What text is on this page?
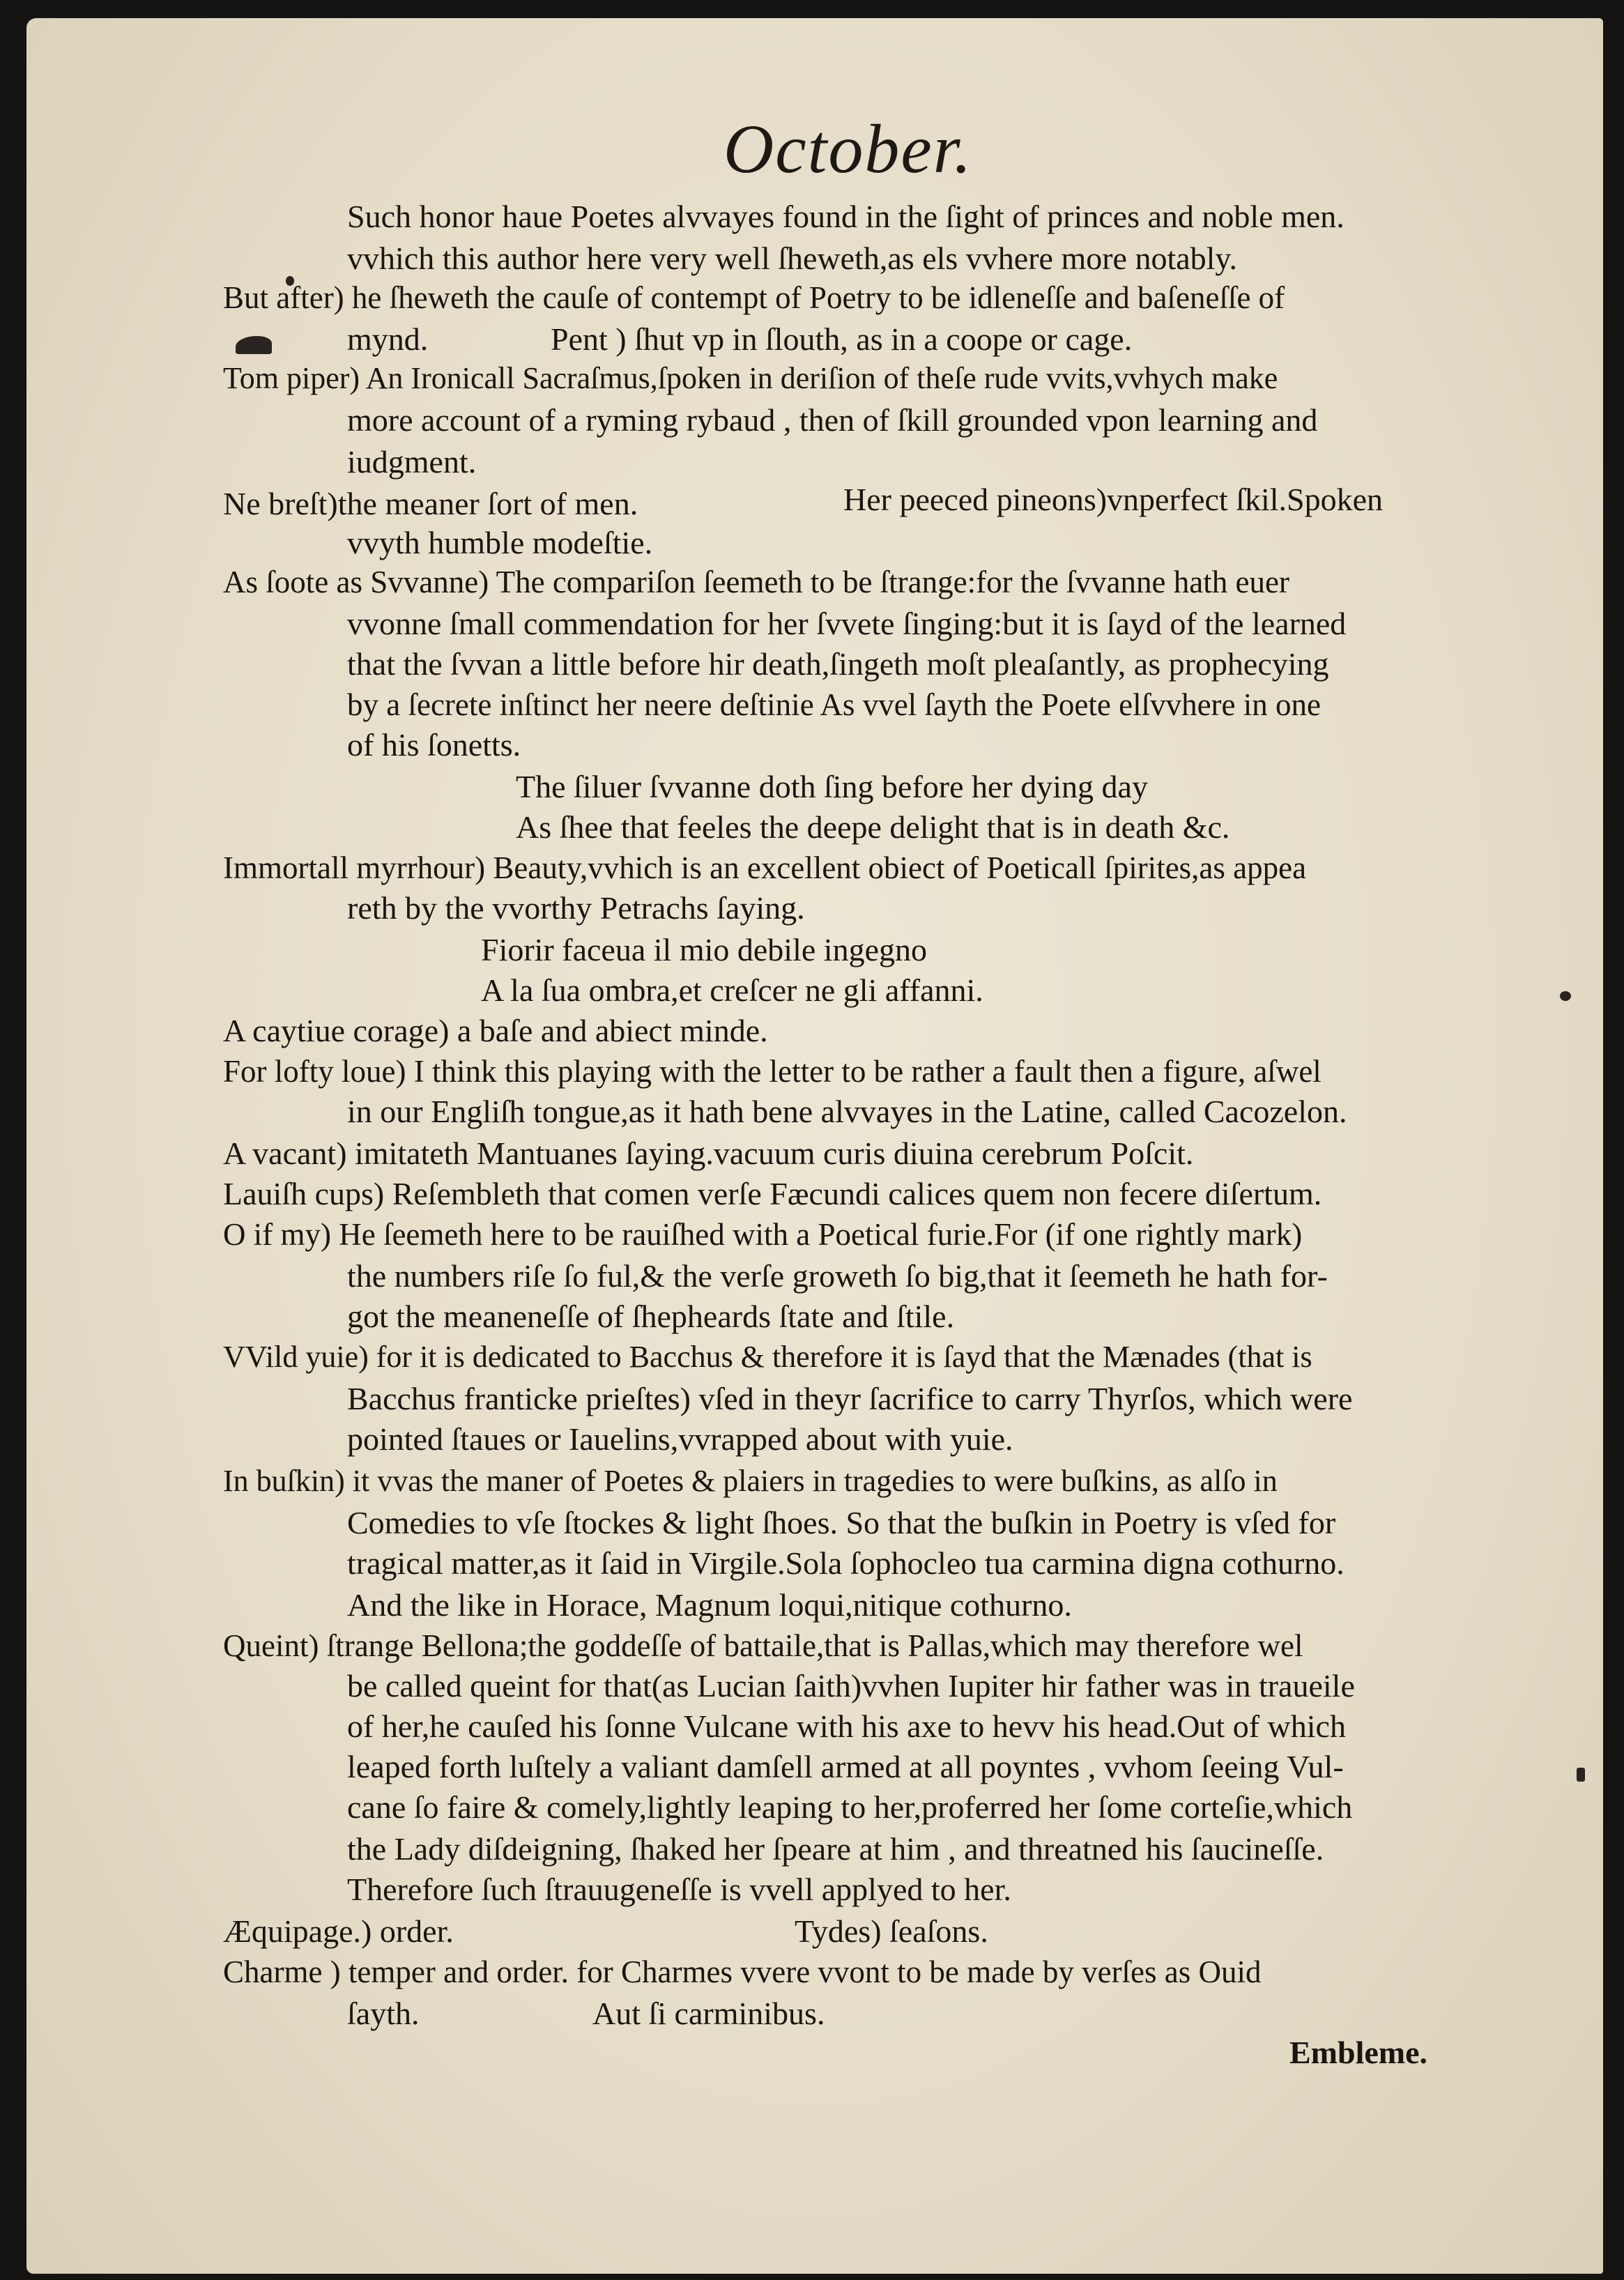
October.
Such honor haue Poetes alvvayes found in the ſight of princes and noble men.
vvhich this author here very well ſheweth,as els vvhere more notably.
But after) he ſheweth the cauſe of contempt of Poetry to be idleneſſe and baſeneſſe of
mynd.	Pent ) ſhut vp in ſlouth, as in a coope or cage.
Tom piper) An Ironicall Sacraſmus,ſpoken in deriſion of theſe rude vvits,vvhych make
more account of a ryming rybaud , then of ſkill grounded vpon learning and
iudgment.
Ne breſt)the meaner ſort of men.	Her peeced pineons)vnperfect ſkil.Spoken
vvyth humble modeſtie.
As ſoote as Svvanne) The compariſon ſeemeth to be ſtrange:for the ſvvanne hath euer
vvonne ſmall commendation for her ſvvete ſinging:but it is ſayd of the learned
that the ſvvan a little before hir death,ſingeth moſt pleaſantly, as prophecying
by a ſecrete inſtinct her neere deſtinie As vvel ſayth the Poete elſvvhere in one
of his ſonetts.
The ſiluer ſvvanne doth ſing before her dying day
As ſhee that feeles the deepe delight that is in death &c.
Immortall myrrhour) Beauty,vvhich is an excellent obiect of Poeticall ſpirites,as appea
reth by the vvorthy Petrachs ſaying.
Fiorir faceua il mio debile ingegno
A la ſua ombra,et creſcer ne gli affanni.
A caytiue corage) a baſe and abiect minde.
For lofty loue) I think this playing with the letter to be rather a fault then a figure, aſwel
in our Engliſh tongue,as it hath bene alvvayes in the Latine, called Cacozelon.
A vacant) imitateth Mantuanes ſaying.vacuum curis diuina cerebrum Poſcit.
Lauiſh cups) Reſembleth that comen verſe Fæcundi calices quem non fecere diſertum.
O if my) He ſeemeth here to be rauiſhed with a Poetical furie.For (if one rightly mark)
the numbers riſe ſo ful,& the verſe groweth ſo big,that it ſeemeth he hath for-
got the meaneneſſe of ſhepheards ſtate and ſtile.
VVild yuie) for it is dedicated to Bacchus & therefore it is ſayd that the Mænades (that is
Bacchus franticke prieſtes) vſed in theyr ſacrifice to carry Thyrſos, which were
pointed ſtaues or Iauelins,vvrapped about with yuie.
In buſkin) it vvas the maner of Poetes & plaiers in tragedies to were buſkins, as alſo in
Comedies to vſe ſtockes & light ſhoes. So that the buſkin in Poetry is vſed for
tragical matter,as it ſaid in Virgile.Sola ſophocleo tua carmina digna cothurno.
And the like in Horace, Magnum loqui,nitique cothurno.
Queint) ſtrange Bellona;the goddeſſe of battaile,that is Pallas,which may therefore wel
be called queint for that(as Lucian ſaith)vvhen Iupiter hir father was in traueile
of her,he cauſed his ſonne Vulcane with his axe to hevv his head.Out of which
leaped forth luſtely a valiant damſell armed at all poyntes , vvhom ſeeing Vul-
cane ſo faire & comely,lightly leaping to her,proferred her ſome corteſie,which
the Lady diſdeigning, ſhaked her ſpeare at him , and threatned his ſaucineſſe.
Therefore ſuch ſtrauugeneſſe is vvell applyed to her.
Æquipage.) order.	Tydes) ſeaſons.
Charme ) temper and order. for Charmes vvere vvont to be made by verſes as Ouid
ſayth.	Aut ſi carminibus.
Embleme.
